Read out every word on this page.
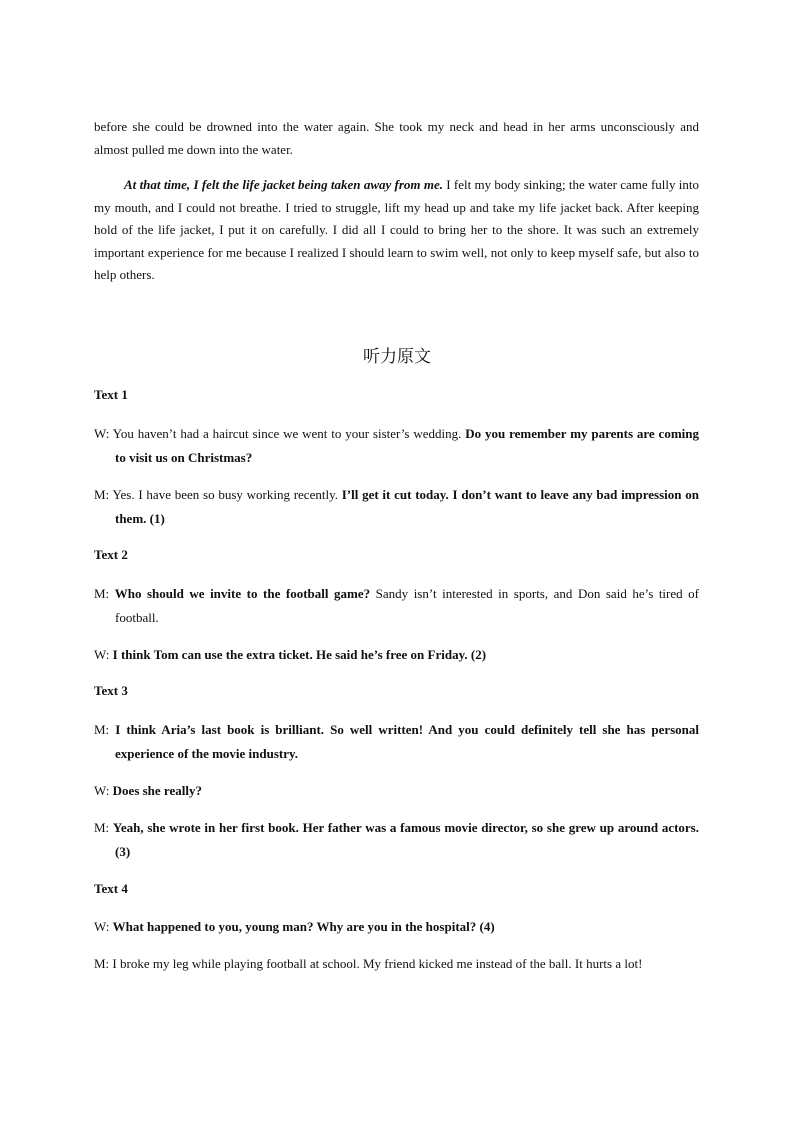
before she could be drowned into the water again. She took my neck and head in her arms unconsciously and almost pulled me down into the water.

At that time, I felt the life jacket being taken away from me. I felt my body sinking; the water came fully into my mouth, and I could not breathe. I tried to struggle, lift my head up and take my life jacket back. After keeping hold of the life jacket, I put it on carefully. I did all I could to bring her to the shore. It was such an extremely important experience for me because I realized I should learn to swim well, not only to keep myself safe, but also to help others.

听力原文

Text 1

W: You haven’t had a haircut since we went to your sister’s wedding. Do you remember my parents are coming to visit us on Christmas?

M: Yes. I have been so busy working recently. I’ll get it cut today. I don’t want to leave any bad impression on them. (1)

Text 2

M: Who should we invite to the football game? Sandy isn’t interested in sports, and Don said he’s tired of football.

W: I think Tom can use the extra ticket. He said he’s free on Friday. (2)

Text 3

M: I think Aria’s last book is brilliant. So well written! And you could definitely tell she has personal experience of the movie industry.

W: Does she really?

M: Yeah, she wrote in her first book. Her father was a famous movie director, so she grew up around actors. (3)

Text 4

W: What happened to you, young man? Why are you in the hospital? (4)

M: I broke my leg while playing football at school. My friend kicked me instead of the ball. It hurts a lot!
